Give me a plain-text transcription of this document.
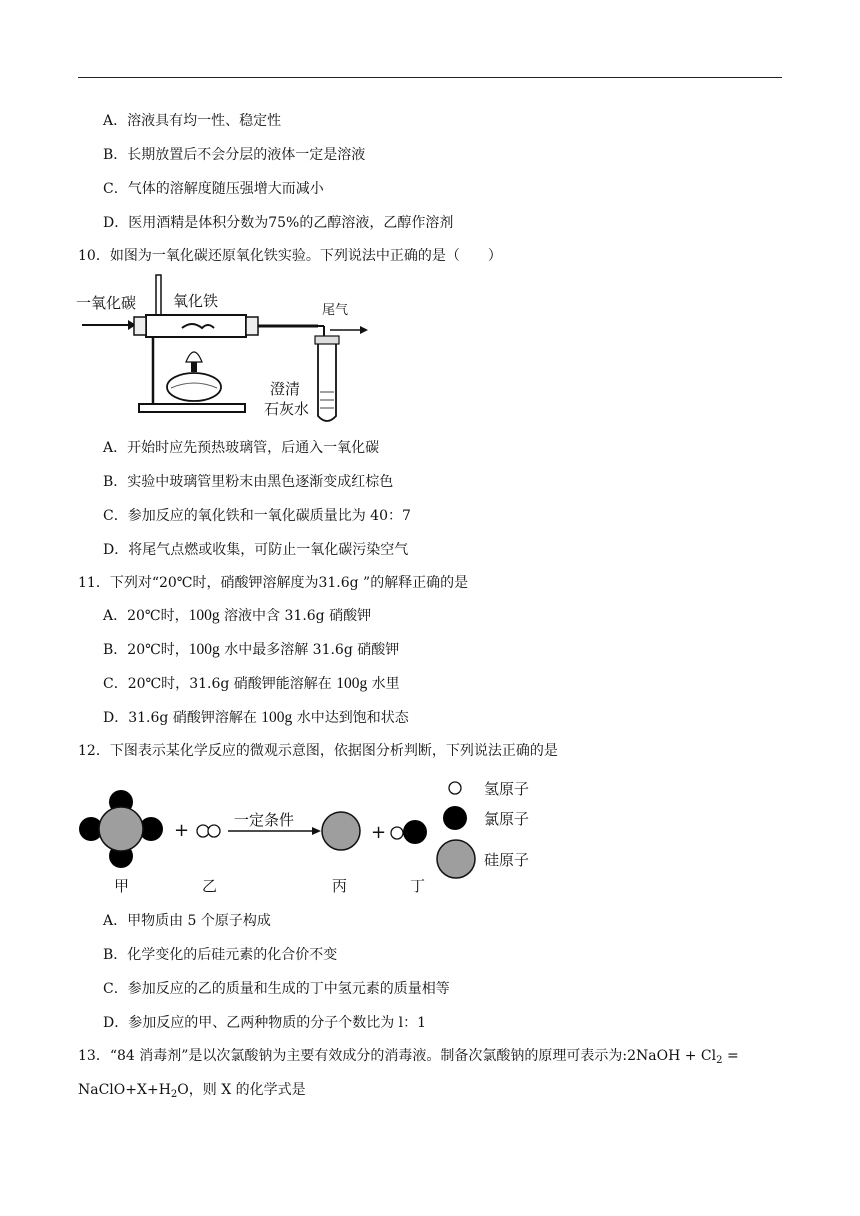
A．溶液具有均一性、稳定性
B．长期放置后不会分层的液体一定是溶液
C．气体的溶解度随压强增大而减小
D．医用酒精是体积分数为75%的乙醇溶液，乙醇作溶剂
10．如图为一氧化碳还原氧化铁实验。下列说法中正确的是（　　）
一氧化碳 氧化铁
尾气
澄清
石灰水
A．开始时应先预热玻璃管，后通入一氧化碳
B．实验中玻璃管里粉末由黑色逐渐变成红棕色
C．参加反应的氧化铁和一氧化碳质量比为 40：7
D．将尾气点燃或收集，可防止一氧化碳污染空气
11．下列对“20℃时，硝酸钾溶解度为31.6g ”的解释正确的是
A．20℃时，100g 溶液中含 31.6g 硝酸钾
B．20℃时，100g 水中最多溶解 31.6g 硝酸钾
C．20℃时，31.6g 硝酸钾能溶解在 100g 水里
D．31.6g 硝酸钾溶解在 100g 水中达到饱和状态
12．下图表示某化学反应的微观示意图，依据图分析判断，下列说法正确的是
+	一定条件
+
甲	乙	丙	丁
氢原子
氯原子
硅原子
A．甲物质由 5 个原子构成
B．化学变化的后硅元素的化合价不变
C．参加反应的乙的质量和生成的丁中氢元素的质量相等
D．参加反应的甲、乙两种物质的分子个数比为 l：1
13．“84 消毒剂”是以次氯酸钠为主要有效成分的消毒液。制备次氯酸钠的原理可表示为:2NaOH + $Cl_2$ =
$NaClO+X+H_2O$，则 X 的化学式是
